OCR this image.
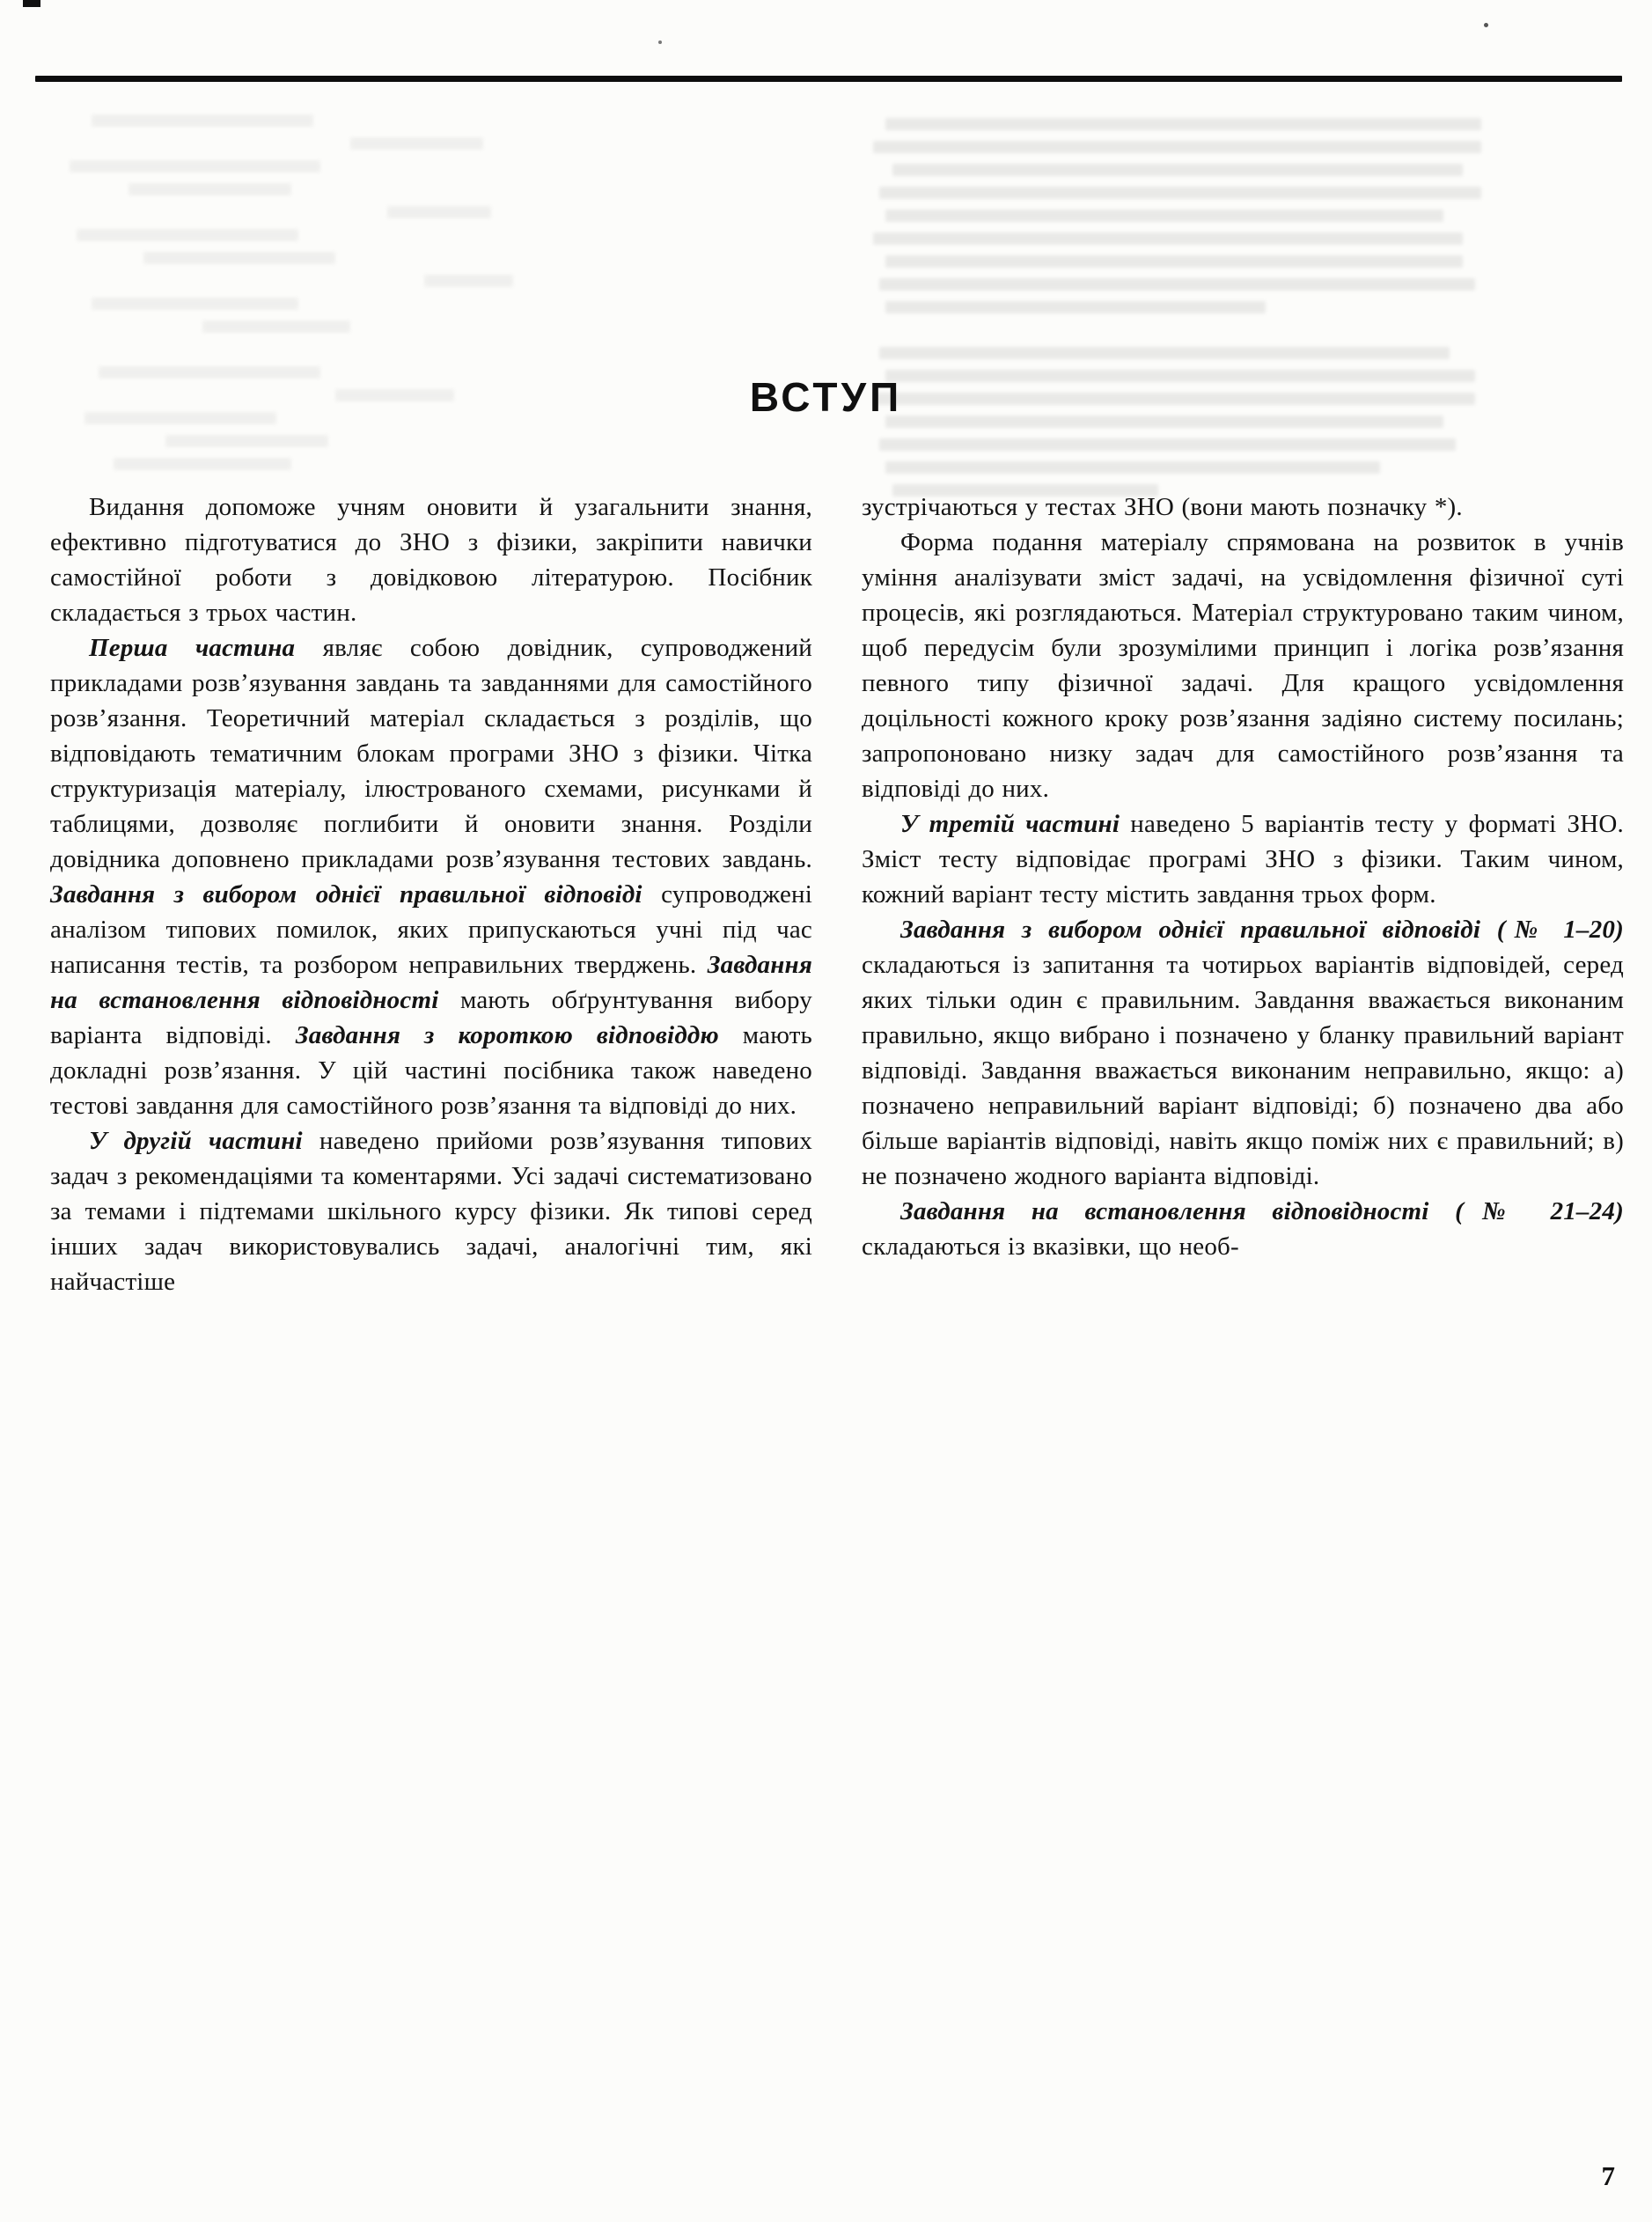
ВСТУП

Видання допоможе учням оновити й узагальнити знання, ефективно підготуватися до ЗНО з фізики, закріпити навички самостійної роботи з довідковою літературою. Посібник складається з трьох частин.

Перша частина являє собою довідник, супроводжений прикладами розв’язування завдань та завданнями для самостійного розв’язання. Теоретичний матеріал складається з розділів, що відповідають тематичним блокам програми ЗНО з фізики. Чітка структуризація матеріалу, ілюстрованого схемами, рисунками й таблицями, дозволяє поглибити й оновити знання. Розділи довідника доповнено прикладами розв’язування тестових завдань. Завдання з вибором однієї правильної відповіді супроводжені аналізом типових помилок, яких припускаються учні під час написання тестів, та розбором неправильних тверджень. Завдання на встановлення відповідності мають обґрунтування вибору варіанта відповіді. Завдання з короткою відповіддю мають докладні розв’язання. У цій частині посібника також наведено тестові завдання для самостійного розв’язання та відповіді до них.

У другій частині наведено прийоми розв’язування типових задач з рекомендаціями та коментарями. Усі задачі систематизовано за темами і підтемами шкільного курсу фізики. Як типові серед інших задач використовувались задачі, аналогічні тим, які найчастіше

зустрічаються у тестах ЗНО (вони мають позначку *).

Форма подання матеріалу спрямована на розвиток в учнів уміння аналізувати зміст задачі, на усвідомлення фізичної суті процесів, які розглядаються. Матеріал структуровано таким чином, щоб передусім були зрозумілими принцип і логіка розв’язання певного типу фізичної задачі. Для кращого усвідомлення доцільності кожного кроку розв’язання задіяно систему посилань; запропоновано низку задач для самостійного розв’язання та відповіді до них.

У третій частині наведено 5 варіантів тесту у форматі ЗНО. Зміст тесту відповідає програмі ЗНО з фізики. Таким чином, кожний варіант тесту містить завдання трьох форм.

Завдання з вибором однієї правильної відповіді (№ 1–20) складаються із запитання та чотирьох варіантів відповідей, серед яких тільки один є правильним. Завдання вважається виконаним правильно, якщо вибрано і позначено у бланку правильний варіант відповіді. Завдання вважається виконаним неправильно, якщо: а) позначено неправильний варіант відповіді; б) позначено два або більше варіантів відповіді, навіть якщо поміж них є правильний; в) не позначено жодного варіанта відповіді.

Завдання на встановлення відповідності (№ 21–24) складаються із вказівки, що необ-

7
